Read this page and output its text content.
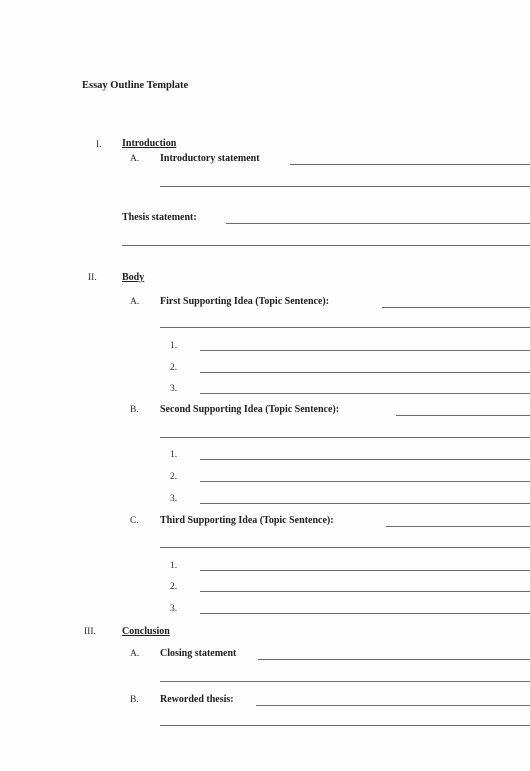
Essay Outline Template
I. Introduction
A. Introductory statement
Thesis statement:
II.	Body
A. First Supporting Idea (Topic Sentence):
1.
2.
3.
B. Second Supporting Idea (Topic Sentence):
1.
2.
3.
C. Third Supporting Idea (Topic Sentence):
1.
2.
3.
III.	Conclusion
A. Closing statement
B. Reworded thesis:
